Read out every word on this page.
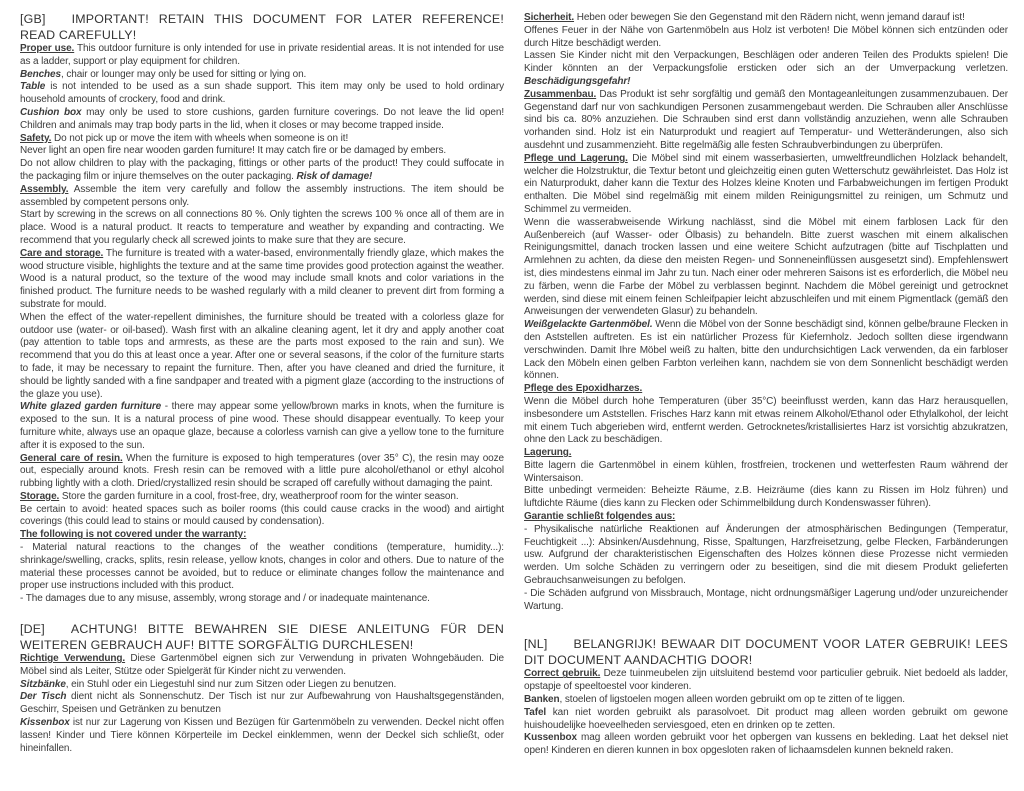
[GB] IMPORTANT! RETAIN THIS DOCUMENT FOR LATER REFERENCE! READ CAREFULLY!

Proper use. This outdoor furniture is only intended for use in private residential areas. It is not intended for use as a ladder, support or play equipment for children.

Benches, chair or lounger may only be used for sitting or lying on.

Table is not intended to be used as a sun shade support. This item may only be used to hold ordinary household amounts of crockery, food and drink.

Cushion box may only be used to store cushions, garden furniture coverings. Do not leave the lid open! Children and animals may trap body parts in the lid, when it closes or may become trapped inside.

Safety. Do not pick up or move the item with wheels when someone is on it!

Never light an open fire near wooden garden furniture! It may catch fire or be damaged by embers.

Do not allow children to play with the packaging, fittings or other parts of the product! They could suffocate in the packaging film or injure themselves on the outer packaging. Risk of damage!

Assembly. Assemble the item very carefully and follow the assembly instructions. The item should be assembled by competent persons only.

Start by screwing in the screws on all connections 80 %. Only tighten the screws 100 % once all of them are in place. Wood is a natural product. It reacts to temperature and weather by expanding and contracting. We recommend that you regularly check all screwed joints to make sure that they are secure.

Care and storage. The furniture is treated with a water-based, environmentally friendly glaze, which makes the wood structure visible, highlights the texture and at the same time provides good protection against the weather. Wood is a natural product, so the texture of the wood may include small knots and color variations in the finished product. The furniture needs to be washed regularly with a mild cleaner to prevent dirt from forming a substrate for mould.

When the effect of the water-repellent diminishes, the furniture should be treated with a colorless glaze for outdoor use (water- or oil-based). Wash first with an alkaline cleaning agent, let it dry and apply another coat (pay attention to table tops and armrests, as these are the parts most exposed to the rain and sun). We recommend that you do this at least once a year. After one or several seasons, if the color of the furniture starts to fade, it may be necessary to repaint the furniture. Then, after you have cleaned and dried the furniture, it should be lightly sanded with a fine sandpaper and treated with a pigment glaze (according to the instructions of the glaze you use).

White glazed garden furniture - there may appear some yellow/brown marks in knots, when the furniture is exposed to the sun. It is a natural process of pine wood. These should disappear eventually. To keep your furniture white, always use an opaque glaze, because a colorless varnish can give a yellow tone to the furniture after it is exposed to the sun.

General care of resin. When the furniture is exposed to high temperatures (over 35° C), the resin may ooze out, especially around knots. Fresh resin can be removed with a little pure alcohol/ethanol or ethyl alcohol rubbing lightly with a cloth. Dried/crystallized resin should be scraped off carefully without damaging the paint.

Storage. Store the garden furniture in a cool, frost-free, dry, weatherproof room for the winter season.

Be certain to avoid: heated spaces such as boiler rooms (this could cause cracks in the wood) and airtight coverings (this could lead to stains or mould caused by condensation).

The following is not covered under the warranty:

- Material natural reactions to the changes of the weather conditions (temperature, humidity...): shrinkage/swelling, cracks, splits, resin release, yellow knots, changes in color and others. Due to nature of the material these processes cannot be avoided, but to reduce or eliminate changes follow the maintenance and proper use instructions included with this product.

- The damages due to any misuse, assembly, wrong storage and / or inadequate maintenance.

[DE] ACHTUNG! BITTE BEWAHREN SIE DIESE ANLEITUNG FÜR DEN WEITEREN GEBRAUCH AUF! BITTE SORGFÄLTIG DURCHLESEN!

Richtige Verwendung. Diese Gartenmöbel eignen sich zur Verwendung in privaten Wohngebäuden. Die Möbel sind als Leiter, Stütze oder Spielgerät für Kinder nicht zu verwenden.

Sitzbänke, ein Stuhl oder ein Liegestuhl sind nur zum Sitzen oder Liegen zu benutzen.

Der Tisch dient nicht als Sonnenschutz. Der Tisch ist nur zur Aufbewahrung von Haushaltsgegenständen, Geschirr, Speisen und Getränken zu benutzen

Kissenbox ist nur zur Lagerung von Kissen und Bezügen für Gartenmöbeln zu verwenden. Deckel nicht offen lassen! Kinder und Tiere können Körperteile im Deckel einklemmen, wenn der Deckel sich schließt, oder hineinfallen.

Sicherheit. Heben oder bewegen Sie den Gegenstand mit den Rädern nicht, wenn jemand darauf ist!

Offenes Feuer in der Nähe von Gartenmöbeln aus Holz ist verboten! Die Möbel können sich entzünden oder durch Hitze beschädigt werden.

Lassen Sie Kinder nicht mit den Verpackungen, Beschlägen oder anderen Teilen des Produkts spielen! Die Kinder könnten an der Verpackungsfolie ersticken oder sich an der Umverpackung verletzen. Beschädigungsgefahr!

Zusammenbau. Das Produkt ist sehr sorgfältig und gemäß den Montageanleitungen zusammenzubauen. Der Gegenstand darf nur von sachkundigen Personen zusammengebaut werden. Die Schrauben aller Anschlüsse sind bis ca. 80% anzuziehen. Die Schrauben sind erst dann vollständig anzuziehen, wenn alle Schrauben vorhanden sind. Holz ist ein Naturprodukt und reagiert auf Temperatur- und Wetteränderungen, also sich ausdehnt und zusammenzieht. Bitte regelmäßig alle festen Schraubverbindungen zu überprüfen.

Pflege und Lagerung. Die Möbel sind mit einem wasserbasierten, umweltfreundlichen Holzlack behandelt, welcher die Holzstruktur, die Textur betont und gleichzeitig einen guten Wetterschutz gewährleistet. Das Holz ist ein Naturprodukt, daher kann die Textur des Holzes kleine Knoten und Farbabweichungen im fertigen Produkt enthalten. Die Möbel sind regelmäßig mit einem milden Reinigungsmittel zu reinigen, um Schmutz und Schimmel zu vermeiden.

Wenn die wasserabweisende Wirkung nachlässt, sind die Möbel mit einem farblosen Lack für den Außenbereich (auf Wasser- oder Ölbasis) zu behandeln. Bitte zuerst waschen mit einem alkalischen Reinigungsmittel, danach trocken lassen und eine weitere Schicht aufzutragen (bitte auf Tischplatten und Armlehnen zu achten, da diese den meisten Regen- und Sonneneinflüssen ausgesetzt sind). Empfehlenswert ist, dies mindestens einmal im Jahr zu tun. Nach einer oder mehreren Saisons ist es erforderlich, die Möbel neu zu färben, wenn die Farbe der Möbel zu verblassen beginnt. Nachdem die Möbel gereinigt und getrocknet werden, sind diese mit einem feinen Schleifpapier leicht abzuschleifen und mit einem Pigmentlack (gemäß den Anweisungen der verwendeten Glasur) zu behandeln.

Weißgelackte Gartenmöbel. Wenn die Möbel von der Sonne beschädigt sind, können gelbe/braune Flecken in den Aststellen auftreten. Es ist ein natürlicher Prozess für Kiefernholz. Jedoch sollten diese irgendwann verschwinden. Damit Ihre Möbel weiß zu halten, bitte den undurchsichtigen Lack verwenden, da ein farbloser Lack den Möbeln einen gelben Farbton verleihen kann, nachdem sie von dem Sonnenlicht beschädigt werden können.

Pflege des Epoxidharzes.

Wenn die Möbel durch hohe Temperaturen (über 35°C) beeinflusst werden, kann das Harz herausquellen, insbesondere um Aststellen. Frisches Harz kann mit etwas reinem Alkohol/Ethanol oder Ethylalkohol, der leicht mit einem Tuch abgerieben wird, entfernt werden. Getrocknetes/kristallisiertes Harz ist vorsichtig abzukratzen, ohne den Lack zu beschädigen.

Lagerung.

Bitte lagern die Gartenmöbel in einem kühlen, frostfreien, trockenen und wetterfesten Raum während der Wintersaison.

Bitte unbedingt vermeiden: Beheizte Räume, z.B. Heizräume (dies kann zu Rissen im Holz führen) und luftdichte Räume (dies kann zu Flecken oder Schimmelbildung durch Kondenswasser führen).

Garantie schließt folgendes aus:

- Physikalische natürliche Reaktionen auf Änderungen der atmosphärischen Bedingungen (Temperatur, Feuchtigkeit ...): Absinken/Ausdehnung, Risse, Spaltungen, Harzfreisetzung, gelbe Flecken, Farbänderungen usw. Aufgrund der charakteristischen Eigenschaften des Holzes können diese Prozesse nicht vermieden werden. Um solche Schäden zu verringern oder zu beseitigen, sind die mit diesem Produkt gelieferten Gebrauchsanweisungen zu befolgen.

- Die Schäden aufgrund von Missbrauch, Montage, nicht ordnungsmäßiger Lagerung und/oder unzureichender Wartung.

[NL] BELANGRIJK! BEWAAR DIT DOCUMENT VOOR LATER GEBRUIK! LEES DIT DOCUMENT AANDACHTIG DOOR!

Correct gebruik. Deze tuinmeubelen zijn uitsluitend bestemd voor particulier gebruik. Niet bedoeld als ladder, opstapje of speeltoestel voor kinderen.

Banken, stoelen of ligstoelen mogen alleen worden gebruikt om op te zitten of te liggen.

Tafel kan niet worden gebruikt als parasolvoet. Dit product mag alleen worden gebruikt om gewone huishoudelijke hoeveelheden serviesgoed, eten en drinken op te zetten.

Kussenbox mag alleen worden gebruikt voor het opbergen van kussens en bekleding. Laat het deksel niet open! Kinderen en dieren kunnen in box opgesloten raken of lichaamsdelen kunnen bekneld raken.
